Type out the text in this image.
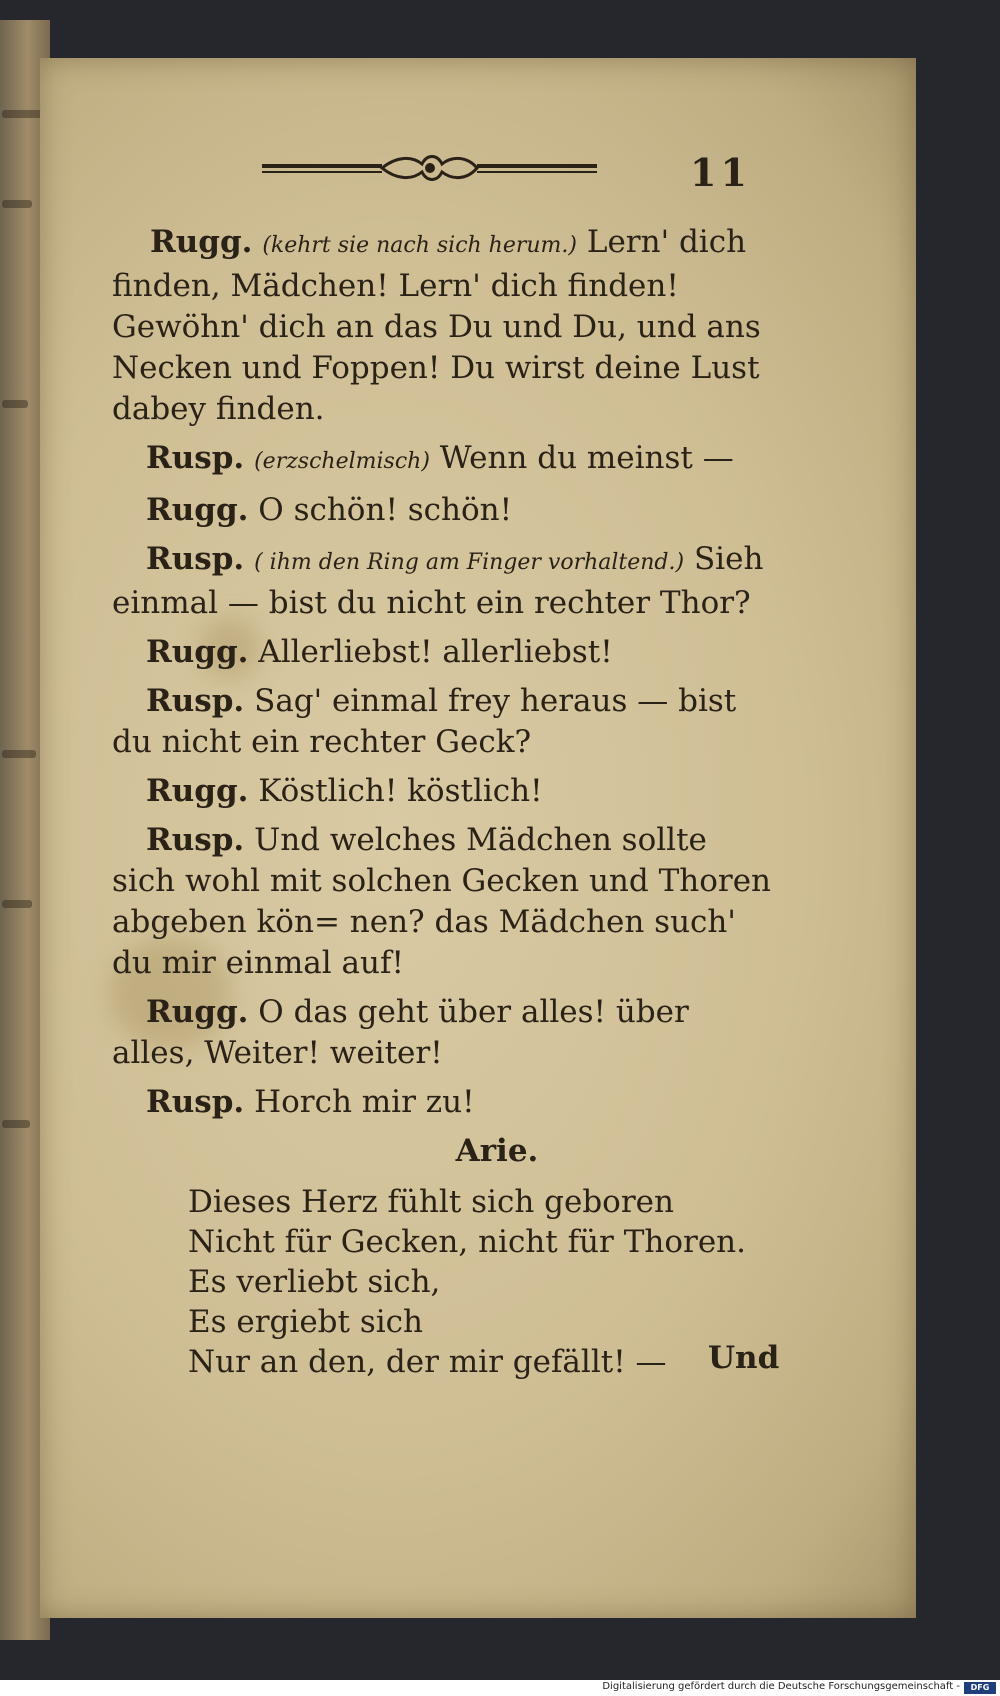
11

Rugg. (kehrt sie nach sich herum.) Lern' dich finden, Mädchen! Lern' dich finden! Gewöhn' dich an das Du und Du, und ans Necken und Foppen! Du wirst deine Lust dabey finden.

Rusp. (erzschelmisch) Wenn du meinst —

Rugg. O schön! schön!

Rusp. ( ihm den Ring am Finger vorhaltend.) Sieh einmal — bist du nicht ein rechter Thor?

Rugg. Allerliebst! allerliebst!

Rusp. Sag' einmal frey heraus — bist du nicht ein rechter Geck?

Rugg. Köstlich! köstlich!

Rusp. Und welches Mädchen sollte sich wohl mit solchen Gecken und Thoren abgeben kön= nen? das Mädchen such' du mir einmal auf!

Rugg. O das geht über alles! über alles, Weiter! weiter!

Rusp. Horch mir zu!

Arie.
Dieses Herz fühlt sich geboren
Nicht für Gecken, nicht für Thoren.
Es verliebt sich,
Es ergiebt sich
Nur an den, der mir gefällt! —	Und
Digitalisierung gefördert durch die Deutsche Forschungsgemeinschaft -	DFG
